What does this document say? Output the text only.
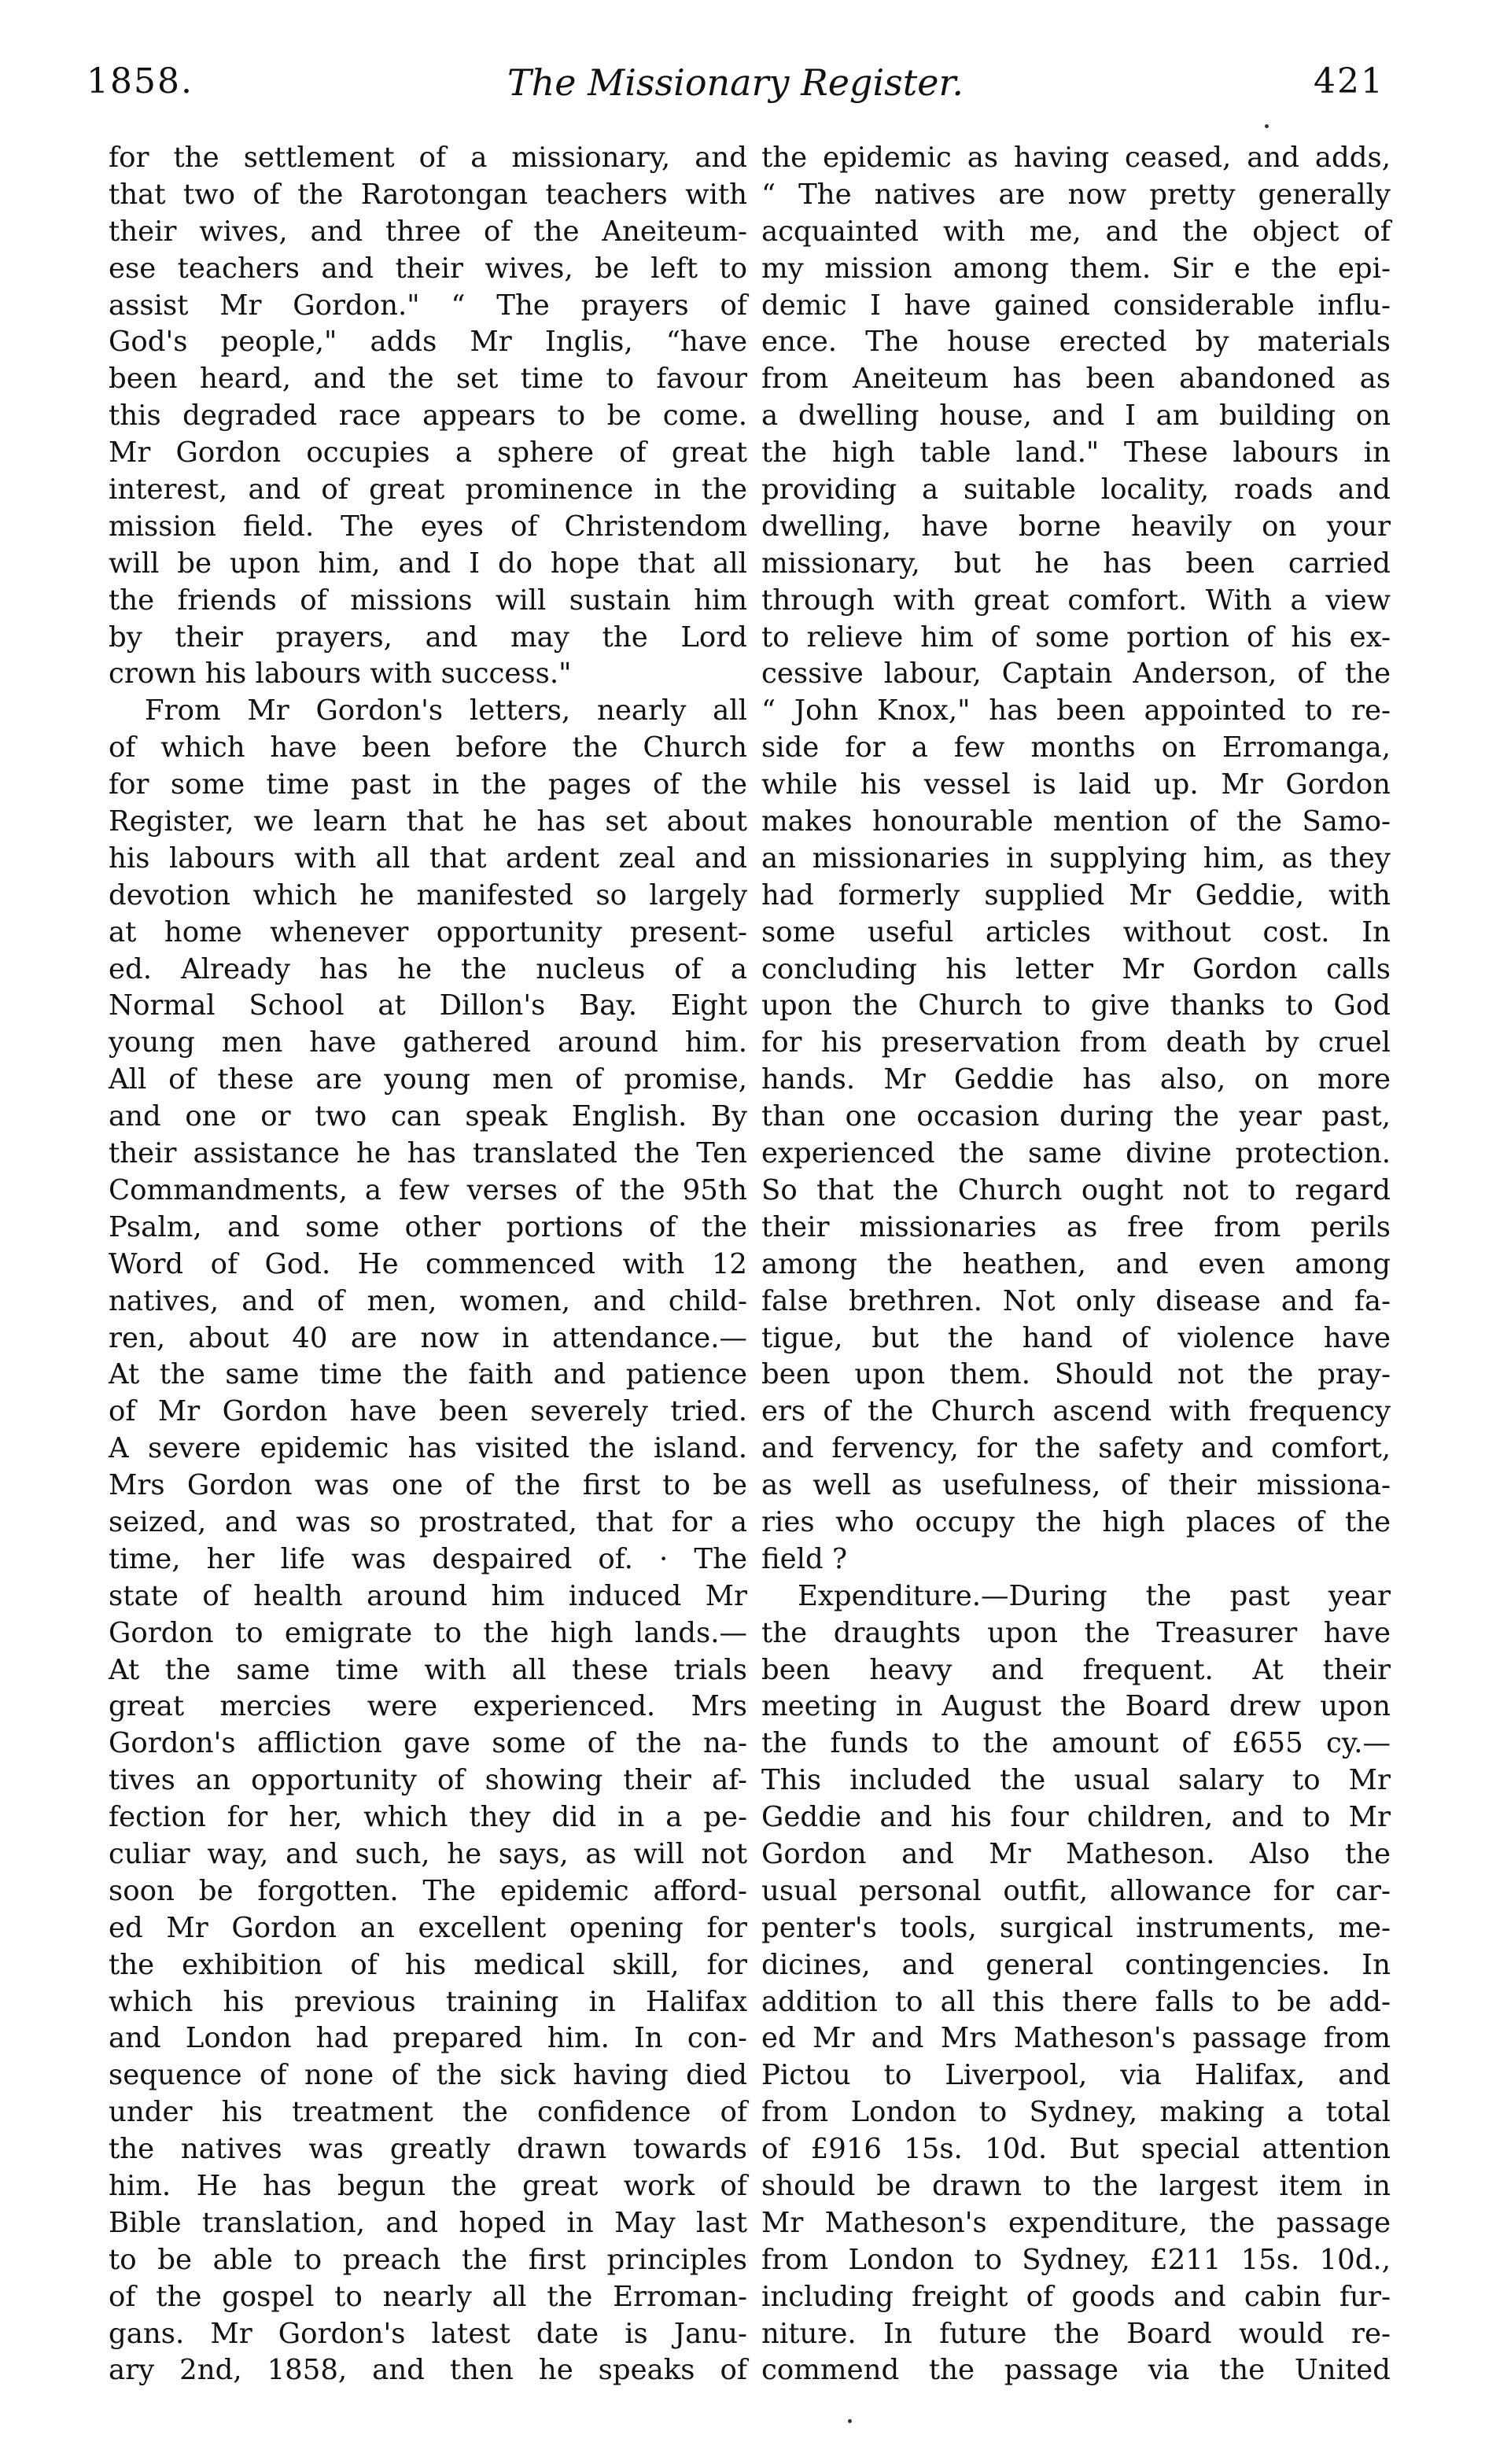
1858.	The Missionary Register.	421
for the settlement of a missionary, and
that two of the Rarotongan teachers with
their wives, and three of the Aneiteum-
ese teachers and their wives, be left to
assist Mr Gordon." “ The prayers of
God's people," adds Mr Inglis, “have
been heard, and the set time to favour
this degraded race appears to be come.
Mr Gordon occupies a sphere of great
interest, and of great prominence in the
mission field. The eyes of Christendom
will be upon him, and I do hope that all
the friends of missions will sustain him
by their prayers, and may the Lord
crown his labours with success."
From Mr Gordon's letters, nearly all
of which have been before the Church
for some time past in the pages of the
Register, we learn that he has set about
his labours with all that ardent zeal and
devotion which he manifested so largely
at home whenever opportunity present-
ed. Already has he the nucleus of a
Normal School at Dillon's Bay. Eight
young men have gathered around him.
All of these are young men of promise,
and one or two can speak English. By
their assistance he has translated the Ten
Commandments, a few verses of the 95th
Psalm, and some other portions of the
Word of God. He commenced with 12
natives, and of men, women, and child-
ren, about 40 are now in attendance.—
At the same time the faith and patience
of Mr Gordon have been severely tried.
A severe epidemic has visited the island.
Mrs Gordon was one of the first to be
seized, and was so prostrated, that for a
time, her life was despaired of. · The
state of health around him induced Mr
Gordon to emigrate to the high lands.—
At the same time with all these trials
great mercies were experienced. Mrs
Gordon's affliction gave some of the na-
tives an opportunity of showing their af-
fection for her, which they did in a pe-
culiar way, and such, he says, as will not
soon be forgotten. The epidemic afford-
ed Mr Gordon an excellent opening for
the exhibition of his medical skill, for
which his previous training in Halifax
and London had prepared him. In con-
sequence of none of the sick having died
under his treatment the confidence of
the natives was greatly drawn towards
him. He has begun the great work of
Bible translation, and hoped in May last
to be able to preach the first principles
of the gospel to nearly all the Erroman-
gans. Mr Gordon's latest date is Janu-
ary 2nd, 1858, and then he speaks of
the epidemic as having ceased, and adds,
“ The natives are now pretty generally
acquainted with me, and the object of
my mission among them. Sir e the epi-
demic I have gained considerable influ-
ence. The house erected by materials
from Aneiteum has been abandoned as
a dwelling house, and I am building on
the high table land." These labours in
providing a suitable locality, roads and
dwelling, have borne heavily on your
missionary, but he has been carried
through with great comfort. With a view
to relieve him of some portion of his ex-
cessive labour, Captain Anderson, of the
“ John Knox," has been appointed to re-
side for a few months on Erromanga,
while his vessel is laid up. Mr Gordon
makes honourable mention of the Samo-
an missionaries in supplying him, as they
had formerly supplied Mr Geddie, with
some useful articles without cost. In
concluding his letter Mr Gordon calls
upon the Church to give thanks to God
for his preservation from death by cruel
hands. Mr Geddie has also, on more
than one occasion during the year past,
experienced the same divine protection.
So that the Church ought not to regard
their missionaries as free from perils
among the heathen, and even among
false brethren. Not only disease and fa-
tigue, but the hand of violence have
been upon them. Should not the pray-
ers of the Church ascend with frequency
and fervency, for the safety and comfort,
as well as usefulness, of their missiona-
ries who occupy the high places of the
field ?
Expenditure.—During the past year
the draughts upon the Treasurer have
been heavy and frequent. At their
meeting in August the Board drew upon
the funds to the amount of £655 cy.—
This included the usual salary to Mr
Geddie and his four children, and to Mr
Gordon and Mr Matheson. Also the
usual personal outfit, allowance for car-
penter's tools, surgical instruments, me-
dicines, and general contingencies. In
addition to all this there falls to be add-
ed Mr and Mrs Matheson's passage from
Pictou to Liverpool, via Halifax, and
from London to Sydney, making a total
of £916 15s. 10d. But special attention
should be drawn to the largest item in
Mr Matheson's expenditure, the passage
from London to Sydney, £211 15s. 10d.,
including freight of goods and cabin fur-
niture. In future the Board would re-
commend the passage via the United
